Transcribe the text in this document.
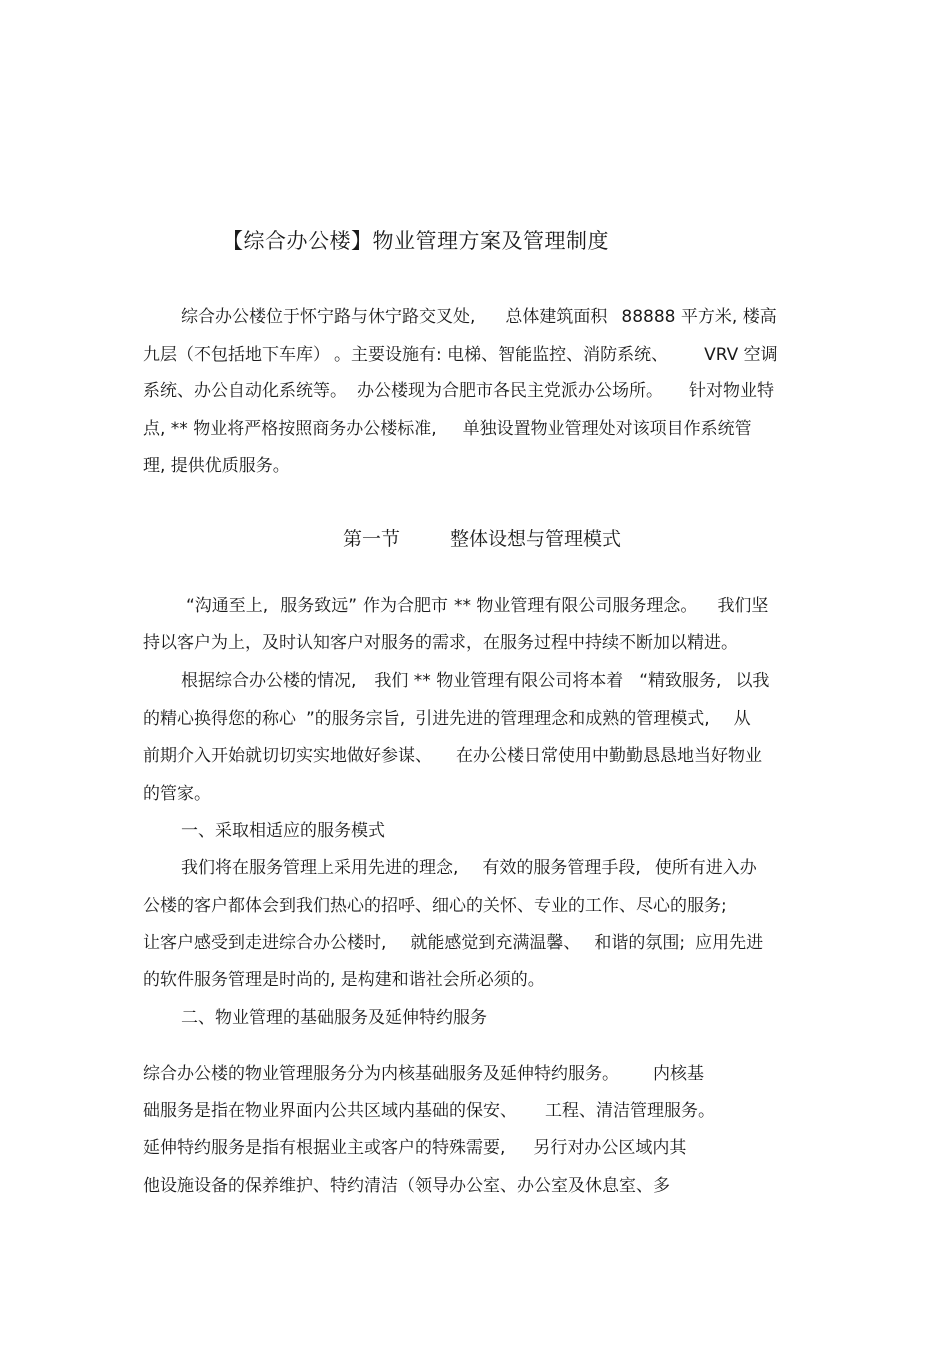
【综合办公楼】物业管理方案及管理制度
综合办公楼位于怀宁路与休宁路交叉处, 总体建筑面积 88888 平方米, 楼高
九层（不包括地下车库） 。主要设施有: 电梯、智能监控、消防系统、 VRV 空调
系统、办公自动化系统等。 办公楼现为合肥市各民主党派办公场所。 针对物业特
点, ** 物业将严格按照商务办公楼标准, 单独设置物业管理处对该项目作系统管
理, 提供优质服务。
第一节	整体设想与管理模式
“沟通至上, 服务致远” 作为合肥市 ** 物业管理有限公司服务理念。 我们坚
持以客户为上，及时认知客户对服务的需求，在服务过程中持续不断加以精进。
根据综合办公楼的情况, 我们 ** 物业管理有限公司将本着 “精致服务, 以我
的精心换得您的称心 ”的服务宗旨, 引进先进的管理理念和成熟的管理模式, 从
前期介入开始就切切实实地做好参谋、 在办公楼日常使用中勤勤恳恳地当好物业
的管家。
一、采取相适应的服务模式
我们将在服务管理上采用先进的理念, 有效的服务管理手段, 使所有进入办
公楼的客户都体会到我们热心的招呼、细心的关怀、专业的工作、尽心的服务;
让客户感受到走进综合办公楼时, 就能感觉到充满温馨、 和谐的氛围; 应用先进
的软件服务管理是时尚的, 是构建和谐社会所必须的。
二、物业管理的基础服务及延伸特约服务
综合办公楼的物业管理服务分为内核基础服务及延伸特约服务。 内核基
础服务是指在物业界面内公共区域内基础的保安、 工程、清洁管理服务。
延伸特约服务是指有根据业主或客户的特殊需要, 另行对办公区域内其
他设施设备的保养维护、特约清洁（领导办公室、办公室及休息室、多
